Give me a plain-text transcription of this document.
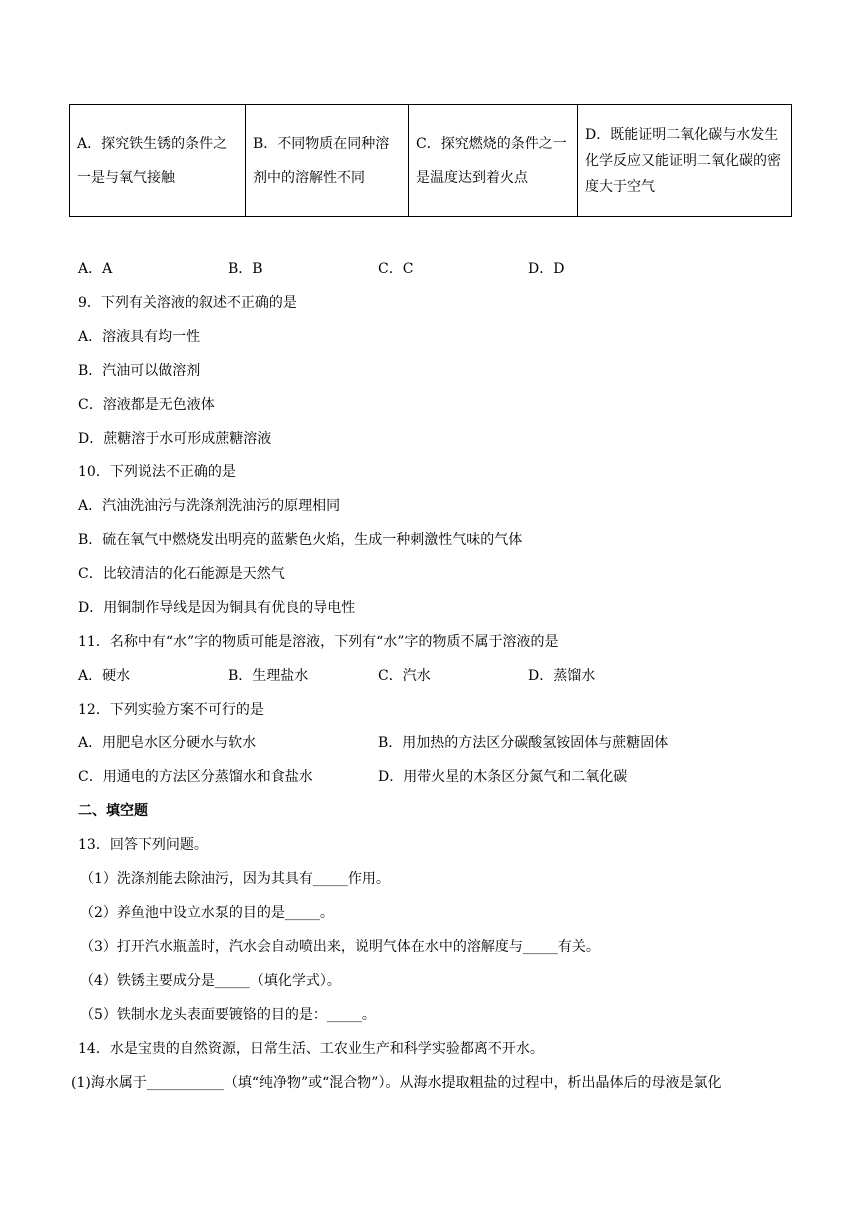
A．探究铁生锈的条件之一是与氧气接触	B．不同物质在同种溶剂中的溶解性不同	C．探究燃烧的条件之一是温度达到着火点	D．既能证明二氧化碳与水发生化学反应又能证明二氧化碳的密度大于空气
A．A	B．B	C．C	D．D
9．下列有关溶液的叙述不正确的是
A．溶液具有均一性
B．汽油可以做溶剂
C．溶液都是无色液体
D．蔗糖溶于水可形成蔗糖溶液
10．下列说法不正确的是
A．汽油洗油污与洗涤剂洗油污的原理相同
B．硫在氧气中燃烧发出明亮的蓝紫色火焰，生成一种刺激性气味的气体
C．比较清洁的化石能源是天然气
D．用铜制作导线是因为铜具有优良的导电性
11．名称中有“水”字的物质可能是溶液，下列有“水”字的物质不属于溶液的是
A．硬水	B．生理盐水	C．汽水	D．蒸馏水
12．下列实验方案不可行的是
A．用肥皂水区分硬水与软水	B．用加热的方法区分碳酸氢铵固体与蔗糖固体
C．用通电的方法区分蒸馏水和食盐水	D．用带火星的木条区分氮气和二氧化碳
二、填空题
13．回答下列问题。
（1）洗涤剂能去除油污，因为其具有_____作用。
（2）养鱼池中设立水泵的目的是_____。
（3）打开汽水瓶盖时，汽水会自动喷出来，说明气体在水中的溶解度与_____有关。
（4）铁锈主要成分是_____（填化学式）。
（5）铁制水龙头表面要镀铬的目的是：_____。
14．水是宝贵的自然资源，日常生活、工农业生产和科学实验都离不开水。
(1)海水属于___________（填“纯净物”或“混合物”）。从海水提取粗盐的过程中，析出晶体后的母液是氯化
